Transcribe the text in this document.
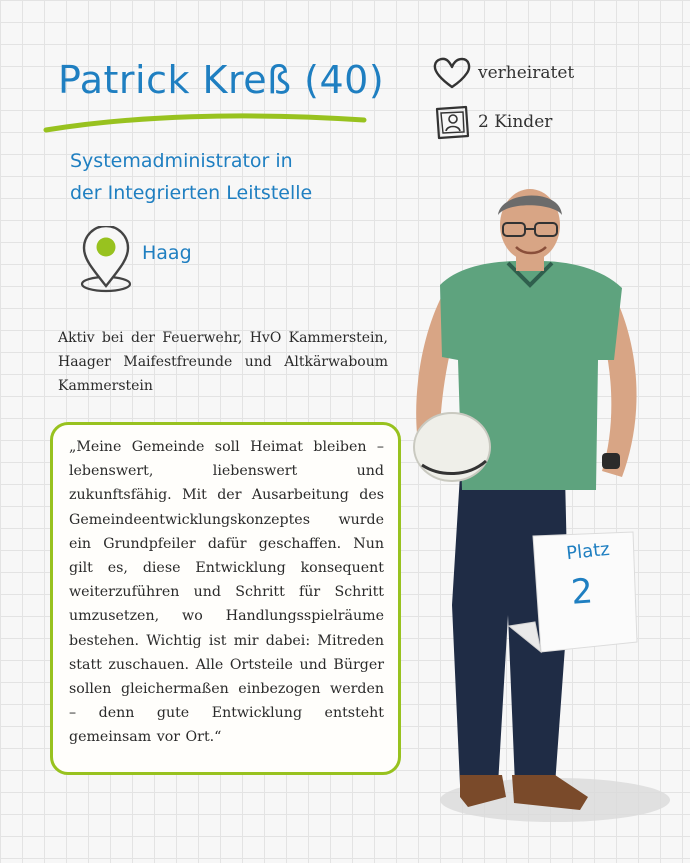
Patrick Kreß (40)
Systemadministrator in
der Integrierten Leitstelle
Haag
verheiratet
2 Kinder
Aktiv bei der Feuerwehr, HvO Kammerstein, Haager Maifestfreunde und Altkärwaboum Kammerstein
„Meine Gemeinde soll Heimat bleiben – lebenswert, liebenswert und zukunftsfähig. Mit der Ausarbeitung des Gemeindeentwicklungskonzeptes wurde ein Grundpfeiler dafür geschaffen. Nun gilt es, diese Entwicklung konsequent weiterzuführen und Schritt für Schritt umzusetzen, wo Handlungsspielräume bestehen. Wichtig ist mir dabei: Mitreden statt zuschauen. Alle Ortsteile und Bürger sollen gleichermaßen einbezogen werden – denn gute Entwicklung entsteht gemeinsam vor Ort.“
Platz
2
